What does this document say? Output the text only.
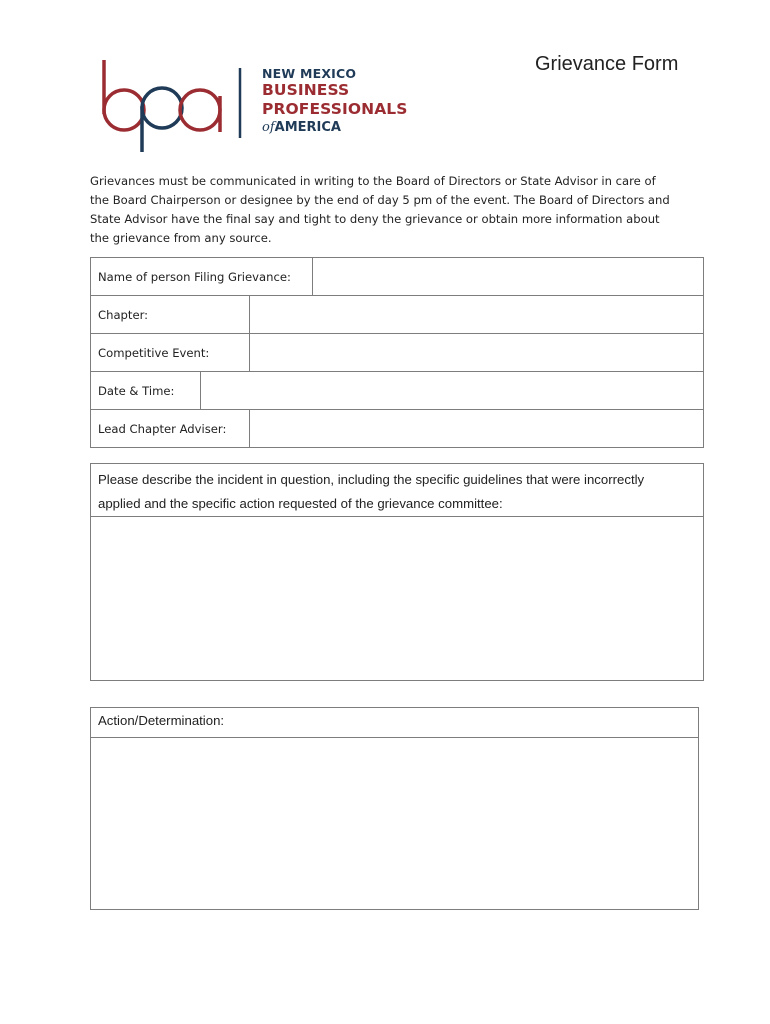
NEW MEXICO
BUSINESS
PROFESSIONALS
ofAMERICA
Grievance Form
Grievances must be communicated in writing to the Board of Directors or State Advisor in care of the Board Chairperson or designee by the end of day 5 pm of the event. The Board of Directors and State Advisor have the final say and tight to deny the grievance or obtain more information about the grievance from any source.
Name of person Filing Grievance:
Chapter:
Competitive Event:
Date & Time:
Lead Chapter Adviser:
Please describe the incident in question, including the specific guidelines that were incorrectly applied and the specific action requested of the grievance committee:
Action/Determination:
